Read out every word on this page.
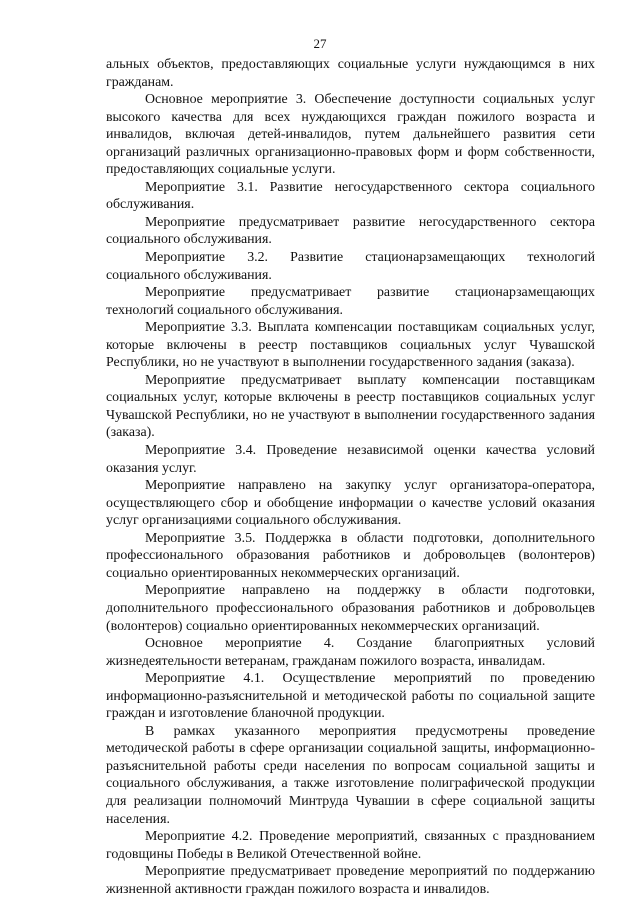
27

альных объектов, предоставляющих социальные услуги нуждающимся в них гражданам.

Основное мероприятие 3. Обеспечение доступности социальных услуг высокого качества для всех нуждающихся граждан пожилого возраста и инвалидов, включая детей-инвалидов, путем дальнейшего развития сети организаций различных организационно-правовых форм и форм собственности, предоставляющих социальные услуги.

Мероприятие 3.1. Развитие негосударственного сектора социального обслуживания.

Мероприятие предусматривает развитие негосударственного сектора социального обслуживания.

Мероприятие 3.2. Развитие стационарзамещающих технологий социального обслуживания.

Мероприятие предусматривает развитие стационарзамещающих технологий социального обслуживания.

Мероприятие 3.3. Выплата компенсации поставщикам социальных услуг, которые включены в реестр поставщиков социальных услуг Чувашской Республики, но не участвуют в выполнении государственного задания (заказа).

Мероприятие предусматривает выплату компенсации поставщикам социальных услуг, которые включены в реестр поставщиков социальных услуг Чувашской Республики, но не участвуют в выполнении государственного задания (заказа).

Мероприятие 3.4. Проведение независимой оценки качества условий оказания услуг.

Мероприятие направлено на закупку услуг организатора-оператора, осуществляющего сбор и обобщение информации о качестве условий оказания услуг организациями социального обслуживания.

Мероприятие 3.5. Поддержка в области подготовки, дополнительного профессионального образования работников и добровольцев (волонтеров) социально ориентированных некоммерческих организаций.

Мероприятие направлено на поддержку в области подготовки, дополнительного профессионального образования работников и добровольцев (волонтеров) социально ориентированных некоммерческих организаций.

Основное мероприятие 4. Создание благоприятных условий жизнедеятельности ветеранам, гражданам пожилого возраста, инвалидам.

Мероприятие 4.1. Осуществление мероприятий по проведению информационно-разъяснительной и методической работы по социальной защите граждан и изготовление бланочной продукции.

В рамках указанного мероприятия предусмотрены проведение методической работы в сфере организации социальной защиты, информационно-разъяснительной работы среди населения по вопросам социальной защиты и социального обслуживания, а также изготовление полиграфической продукции для реализации полномочий Минтруда Чувашии в сфере социальной защиты населения.

Мероприятие 4.2. Проведение мероприятий, связанных с празднованием годовщины Победы в Великой Отечественной войне.

Мероприятие предусматривает проведение мероприятий по поддержанию жизненной активности граждан пожилого возраста и инвалидов.
